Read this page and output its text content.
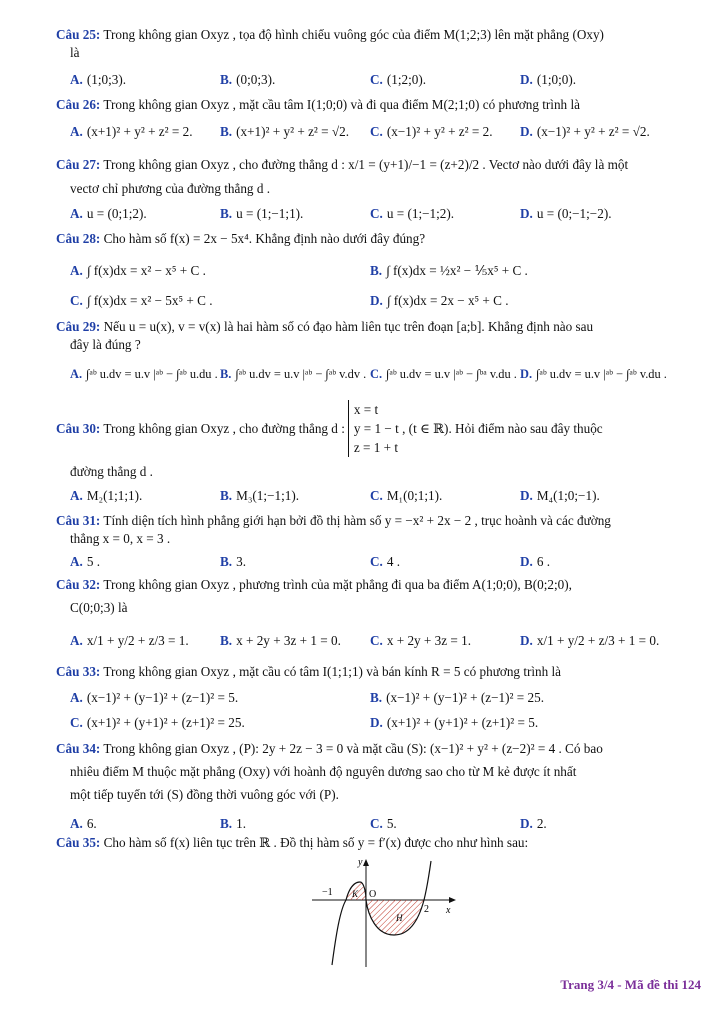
Câu 25: Trong không gian Oxyz , tọa độ hình chiếu vuông góc của điểm M(1;2;3) lên mặt phẳng (Oxy)
là
A. (1;0;3).	B. (0;0;3).	C. (1;2;0).	D. (1;0;0).
Câu 26: Trong không gian Oxyz , mặt cầu tâm I(1;0;0) và đi qua điểm M(2;1;0) có phương trình là
A. (x+1)² + y² + z² = 2. B. (x+1)² + y² + z² = √2. C. (x−1)² + y² + z² = 2. D. (x−1)² + y² + z² = √2.
Câu 27: Trong không gian Oxyz , cho đường thẳng d : x/1 = (y+1)/−1 = (z+2)/2 . Vectơ nào dưới đây là một
vectơ chỉ phương của đường thẳng d .
A. u = (0;1;2).	B. u = (1;−1;1).	C. u = (1;−1;2).	D. u = (0;−1;−2).
Câu 28: Cho hàm số f(x) = 2x − 5x⁴. Khẳng định nào dưới đây đúng?
A. ∫ f(x)dx = x² − x⁵ + C .	B. ∫ f(x)dx = ½x² − ⅕x⁵ + C .
C. ∫ f(x)dx = x² − 5x⁵ + C .	D. ∫ f(x)dx = 2x − x⁵ + C .
Câu 29: Nếu u = u(x), v = v(x) là hai hàm số có đạo hàm liên tục trên đoạn [a;b]. Khẳng định nào sau
đây là đúng ?
A. ∫ᵃᵇ u.dv = u.v |ᵃᵇ − ∫ᵃᵇ u.du . B. ∫ᵃᵇ u.dv = u.v |ᵃᵇ − ∫ᵃᵇ v.dv . C. ∫ᵃᵇ u.dv = u.v |ᵃᵇ − ∫ᵇᵃ v.du . D. ∫ᵃᵇ u.dv = u.v |ᵃᵇ − ∫ᵃᵇ v.du .
Câu 30: Trong không gian Oxyz , cho đường thẳng d :
x = t
y = 1 − t , (t ∈ ℝ)
z = 1 + t
. Hỏi điểm nào sau đây thuộc
đường thẳng d .
A. M₂(1;1;1).	B. M₃(1;−1;1).	C. M₁(0;1;1).	D. M₄(1;0;−1).
Câu 31: Tính diện tích hình phẳng giới hạn bởi đồ thị hàm số y = −x² + 2x − 2 , trục hoành và các đường
thẳng x = 0, x = 3 .
A. 5 .	B. 3.	C. 4 .	D. 6 .
Câu 32: Trong không gian Oxyz , phương trình của mặt phẳng đi qua ba điểm A(1;0;0), B(0;2;0),
C(0;0;3) là
A. x/1 + y/2 + z/3 = 1. B. x + 2y + 3z + 1 = 0. C. x + 2y + 3z = 1.	D. x/1 + y/2 + z/3 + 1 = 0.
Câu 33: Trong không gian Oxyz , mặt cầu có tâm I(1;1;1) và bán kính R = 5 có phương trình là
A. (x−1)² + (y−1)² + (z−1)² = 5.	B. (x−1)² + (y−1)² + (z−1)² = 25.
C. (x+1)² + (y+1)² + (z+1)² = 25.	D. (x+1)² + (y+1)² + (z+1)² = 5.
Câu 34: Trong không gian Oxyz , (P): 2y + 2z − 3 = 0 và mặt cầu (S): (x−1)² + y² + (z−2)² = 4 . Có bao
nhiêu điểm M thuộc mặt phẳng (Oxy) với hoành độ nguyên dương sao cho từ M kẻ được ít nhất
một tiếp tuyến tới (S) đồng thời vuông góc với (P).
A. 6.	B. 1.	C. 5.	D. 2.
Câu 35: Cho hàm số f(x) liên tục trên ℝ . Đồ thị hàm số y = f′(x) được cho như hình sau:
y
x
O
−1
2
K
H
Trang 3/4 - Mã đề thi 124
